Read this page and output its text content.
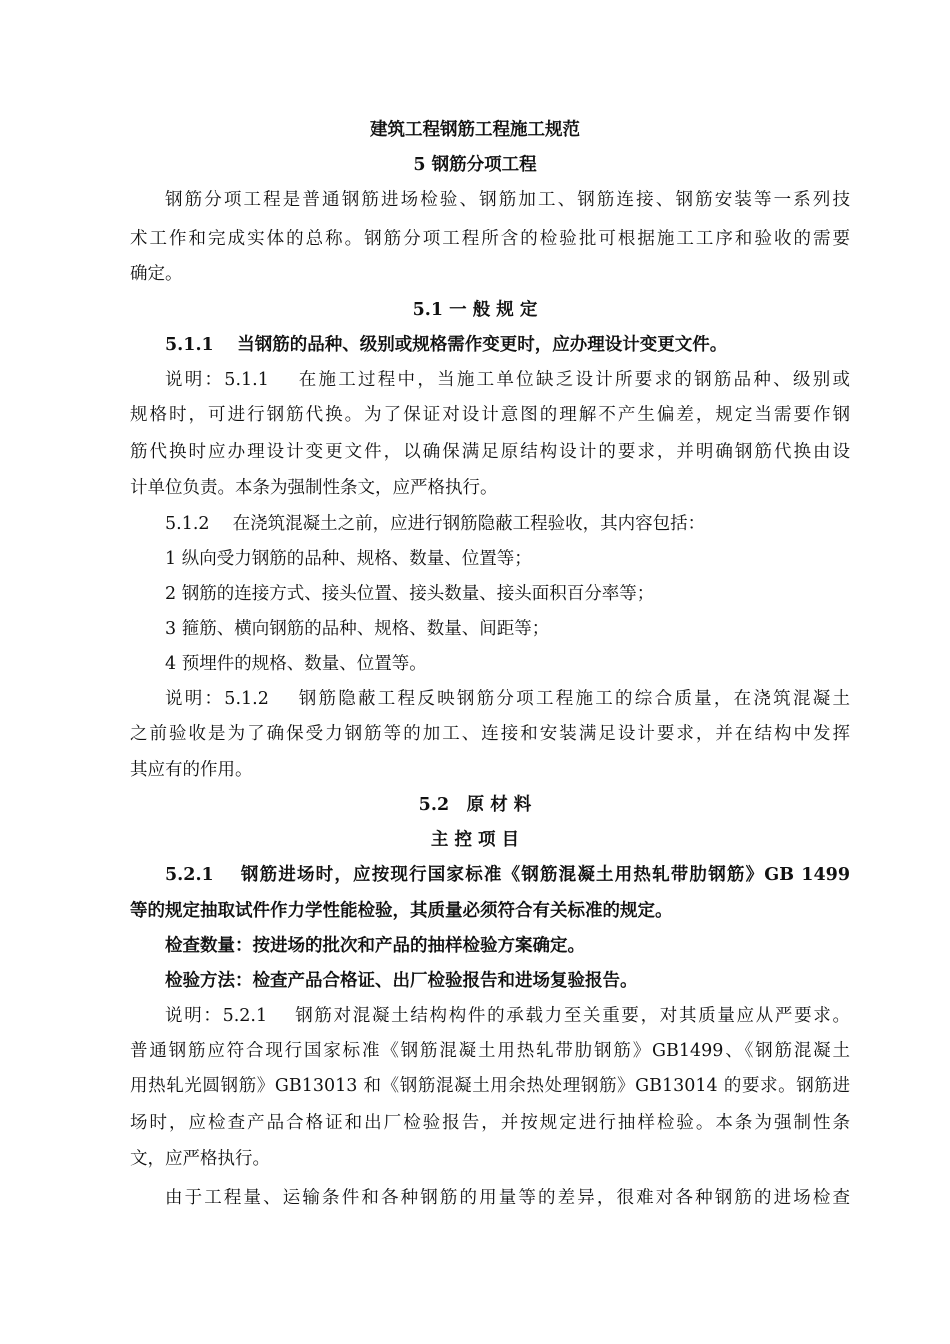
建筑工程钢筋工程施工规范
5 钢筋分项工程
钢筋分项工程是普通钢筋进场检验、钢筋加工、钢筋连接、钢筋安装等一系列技
术工作和完成实体的总称。钢筋分项工程所含的检验批可根据施工工序和验收的需要
确定。
5.1 一 般 规 定
5.1.1　 当钢筋的品种、级别或规格需作变更时，应办理设计变更文件。
说明：5.1.1　 在施工过程中，当施工单位缺乏设计所要求的钢筋品种、级别或
规格时，可进行钢筋代换。为了保证对设计意图的理解不产生偏差，规定当需要作钢
筋代换时应办理设计变更文件，以确保满足原结构设计的要求，并明确钢筋代换由设
计单位负责。本条为强制性条文，应严格执行。
5.1.2　 在浇筑混凝土之前，应进行钢筋隐蔽工程验收，其内容包括：
1 纵向受力钢筋的品种、规格、数量、位置等；
2 钢筋的连接方式、接头位置、接头数量、接头面积百分率等；
3 箍筋、横向钢筋的品种、规格、数量、间距等；
4 预埋件的规格、数量、位置等。
说明：5.1.2　 钢筋隐蔽工程反映钢筋分项工程施工的综合质量，在浇筑混凝土
之前验收是为了确保受力钢筋等的加工、连接和安装满足设计要求，并在结构中发挥
其应有的作用。
5.2　原 材 料
主 控 项 目
5.2.1　 钢筋进场时，应按现行国家标准《钢筋混凝土用热轧带肋钢筋》GB 1499
等的规定抽取试件作力学性能检验，其质量必须符合有关标准的规定。
检查数量：按进场的批次和产品的抽样检验方案确定。
检验方法：检查产品合格证、出厂检验报告和进场复验报告。
说明：5.2.1　 钢筋对混凝土结构构件的承载力至关重要，对其质量应从严要求。
普通钢筋应符合现行国家标准《钢筋混凝土用热轧带肋钢筋》GB1499、《钢筋混凝土
用热轧光圆钢筋》GB13013 和《钢筋混凝土用余热处理钢筋》GB13014 的要求。钢筋进
场时，应检查产品合格证和出厂检验报告，并按规定进行抽样检验。本条为强制性条
文，应严格执行。
由于工程量、运输条件和各种钢筋的用量等的差异，很难对各种钢筋的进场检查
